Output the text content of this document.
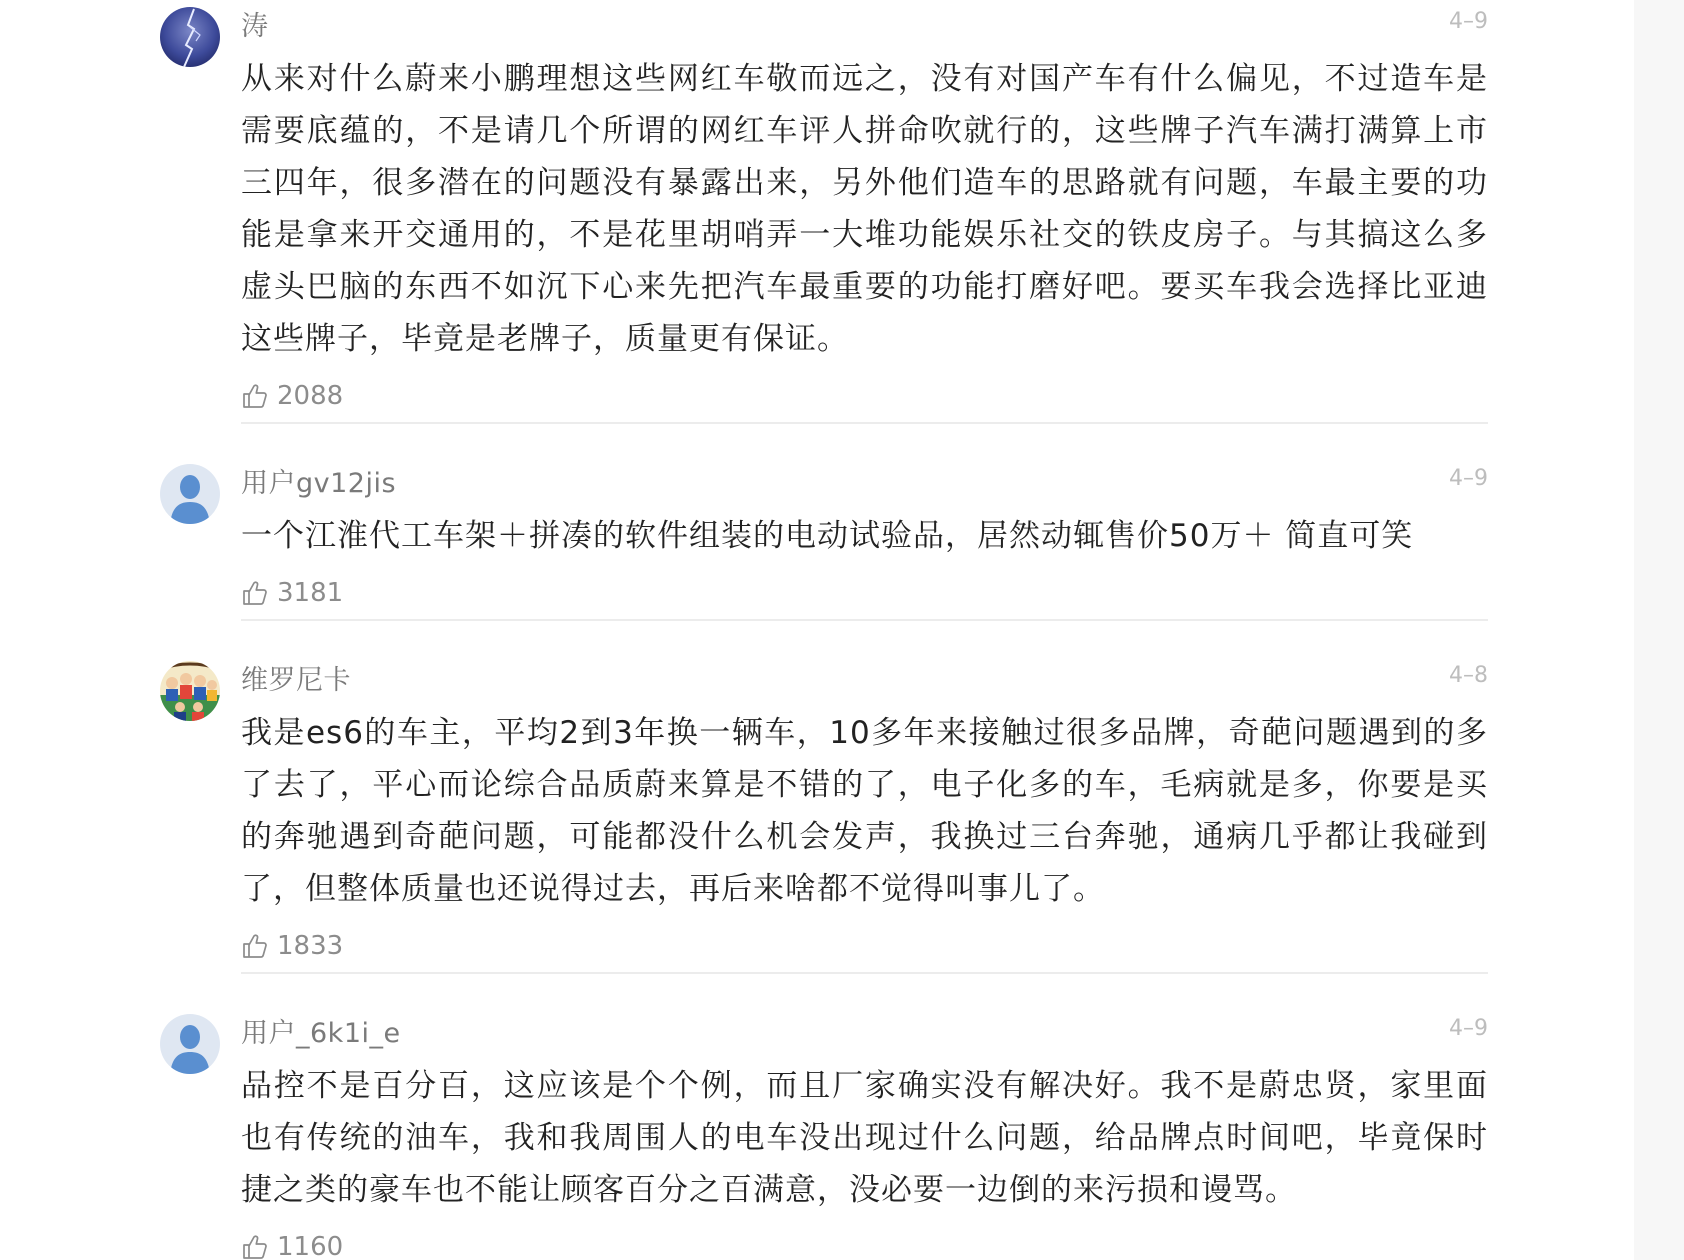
涛	4–9

从来对什么蔚来小鹏理想这些网红车敬而远之，没有对国产车有什么偏见，不过造车是需要底蕴的，不是请几个所谓的网红车评人拼命吹就行的，这些牌子汽车满打满算上市三四年，很多潜在的问题没有暴露出来，另外他们造车的思路就有问题，车最主要的功能是拿来开交通用的，不是花里胡哨弄一大堆功能娱乐社交的铁皮房子。与其搞这么多虚头巴脑的东西不如沉下心来先把汽车最重要的功能打磨好吧。要买车我会选择比亚迪这些牌子，毕竟是老牌子，质量更有保证。

2088
用户gv12jis	4–9

一个江淮代工车架＋拼凑的软件组装的电动试验品，居然动辄售价50万＋ 简直可笑

3181
维罗尼卡	4–8

我是es6的车主，平均2到3年换一辆车，10多年来接触过很多品牌，奇葩问题遇到的多了去了，平心而论综合品质蔚来算是不错的了，电子化多的车，毛病就是多，你要是买的奔驰遇到奇葩问题，可能都没什么机会发声，我换过三台奔驰，通病几乎都让我碰到了，但整体质量也还说得过去，再后来啥都不觉得叫事儿了。

1833
用户_6k1i_e	4–9

品控不是百分百，这应该是个个例，而且厂家确实没有解决好。我不是蔚忠贤，家里面也有传统的油车，我和我周围人的电车没出现过什么问题，给品牌点时间吧，毕竟保时捷之类的豪车也不能让顾客百分之百满意，没必要一边倒的来污损和谩骂。

1160
